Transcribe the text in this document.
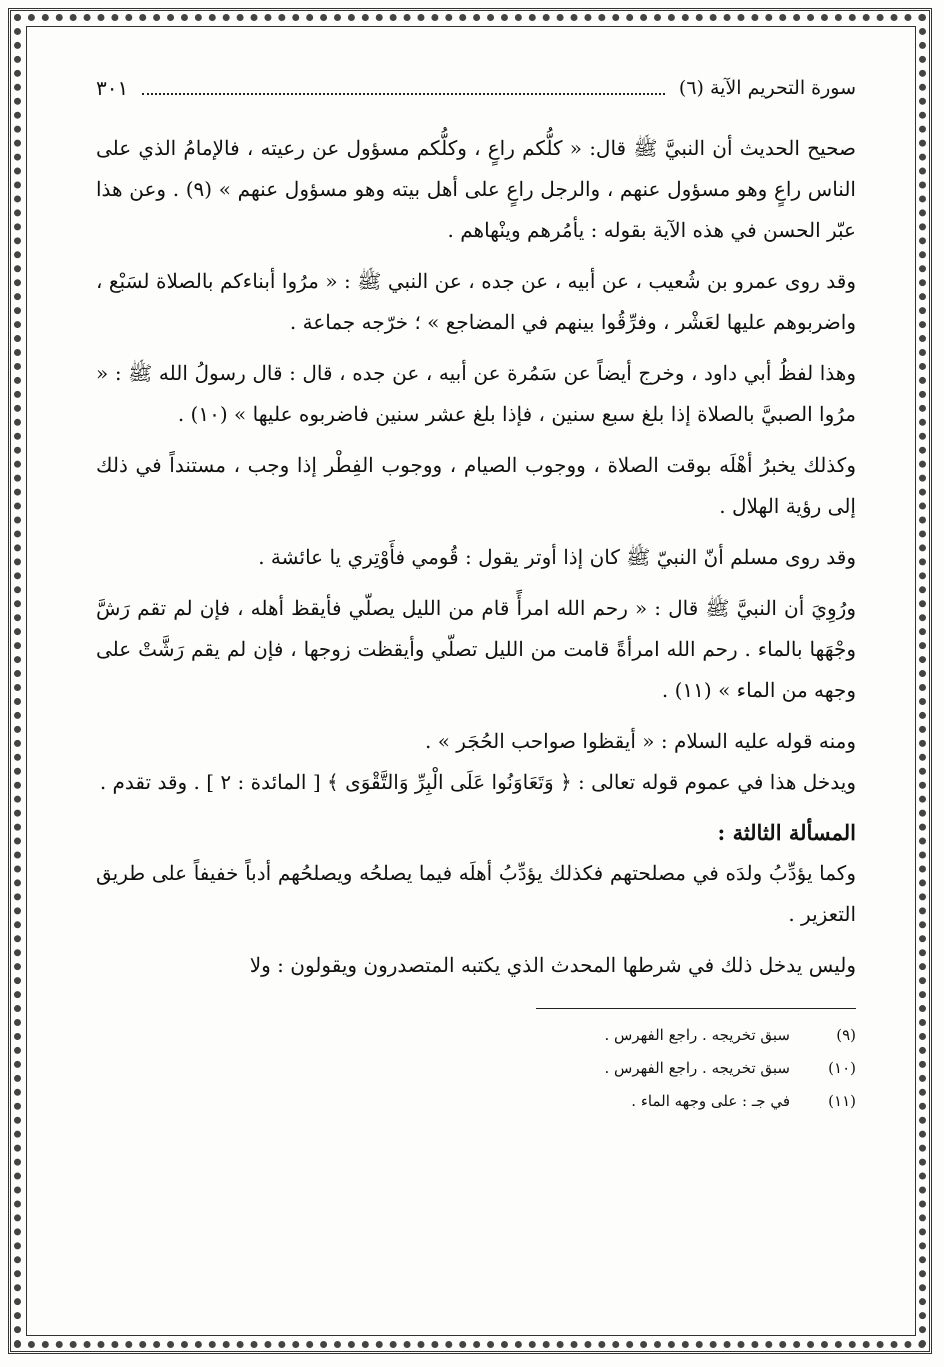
سورة التحريم الآية (٦)
٣٠١

صحيح الحديث أن النبيَّ ﷺ قال: « كلُّكم راعٍ ، وكلُّكم مسؤول عن رعيته ، فالإمامُ الذي على الناس راعٍ وهو مسؤول عنهم ، والرجل راعٍ على أهل بيته وهو مسؤول عنهم » (٩) . وعن هذا عبّر الحسن في هذه الآية بقوله : يأمُرهم وينْهاهم .

وقد روى عمرو بن شُعيب ، عن أبيه ، عن جده ، عن النبي ﷺ : « مرُوا أبناءكم بالصلاة لسَبْع ، واضربوهم عليها لعَشْر ، وفرِّقُوا بينهم في المضاجع » ؛ خرّجه جماعة .

وهذا لفظُ أبي داود ، وخرج أيضاً عن سَمُرة عن أبيه ، عن جده ، قال : قال رسولُ الله ﷺ : « مرُوا الصبيَّ بالصلاة إذا بلغ سبع سنين ، فإذا بلغ عشر سنين فاضربوه عليها » (١٠) .

وكذلك يخبرُ أهْلَه بوقت الصلاة ، ووجوب الصيام ، ووجوب الفِطْر إذا وجب ، مستنداً في ذلك إلى رؤية الهلال .

وقد روى مسلم أنّ النبيّ ﷺ كان إذا أوتر يقول : قُومي فأَوْتِري يا عائشة .

ورُوِيَ أن النبيَّ ﷺ قال : « رحم الله امرأً قام من الليل يصلّي فأيقظ أهله ، فإن لم تقم رَشَّ وجْهَها بالماء . رحم الله امرأةً قامت من الليل تصلّي وأيقظت زوجها ، فإن لم يقم رَشَّتْ على وجهه من الماء » (١١) .

ومنه قوله عليه السلام : « أيقظوا صواحب الحُجَر » .

ويدخل هذا في عموم قوله تعالى : ﴿ وَتَعَاوَنُوا عَلَى الْبِرِّ وَالتَّقْوَى ﴾ [ المائدة : ٢ ] . وقد تقدم .

المسألة الثالثة :

وكما يؤدِّبُ ولدَه في مصلحتهم فكذلك يؤدِّبُ أهلَه فيما يصلحُه ويصلحُهم أدباً خفيفاً على طريق التعزير .

وليس يدخل ذلك في شرطها المحدث الذي يكتبه المتصدرون ويقولون : ولا

(٩)
سبق تخريجه . راجع الفهرس .
(١٠)
سبق تخريجه . راجع الفهرس .
(١١)
في جـ : على وجهه الماء .
